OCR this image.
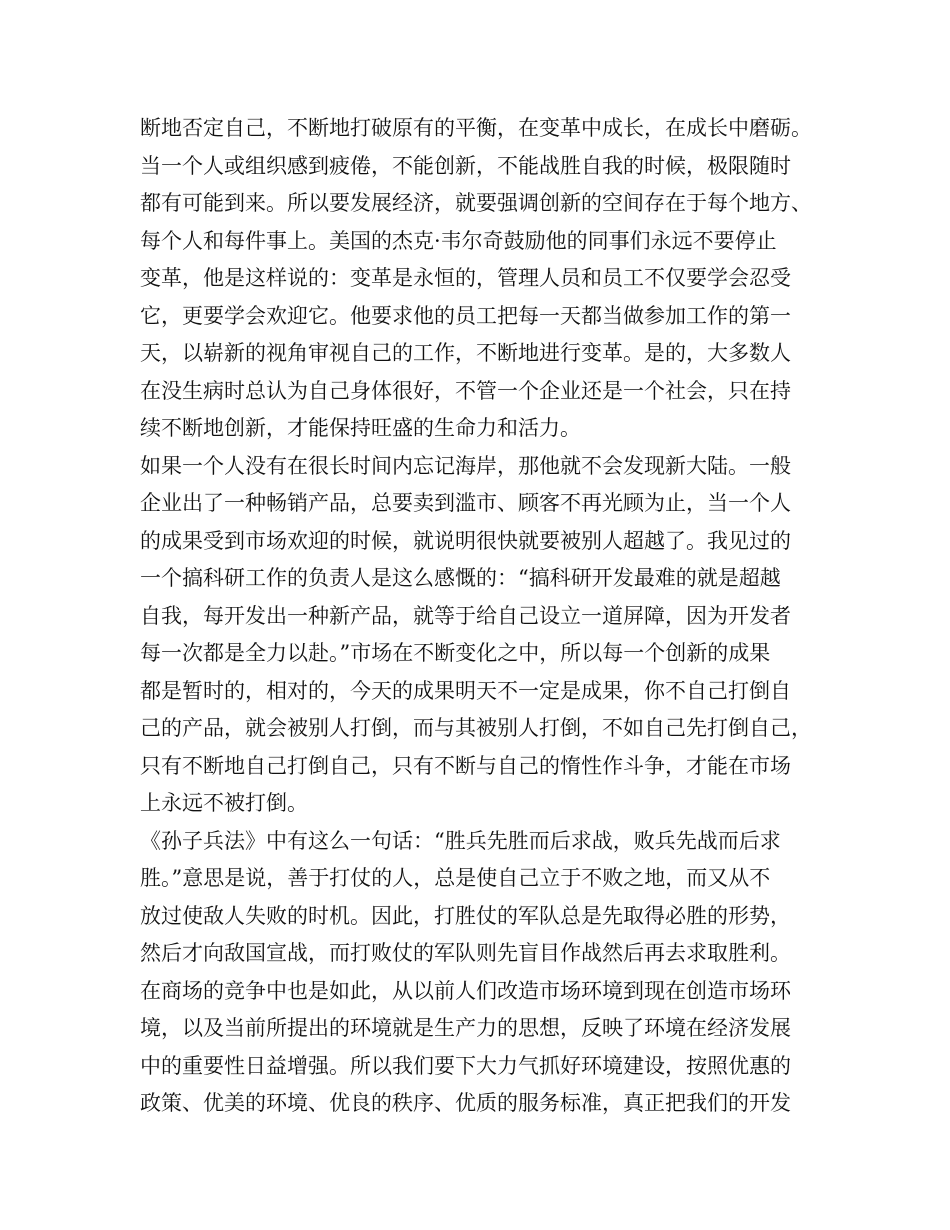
断地否定自己，不断地打破原有的平衡，在变革中成长，在成长中磨砺。
当一个人或组织感到疲倦，不能创新，不能战胜自我的时候，极限随时
都有可能到来。所以要发展经济，就要强调创新的空间存在于每个地方、
每个人和每件事上。美国的杰克·韦尔奇鼓励他的同事们永远不要停止
变革，他是这样说的：变革是永恒的，管理人员和员工不仅要学会忍受
它，更要学会欢迎它。他要求他的员工把每一天都当做参加工作的第一
天，以崭新的视角审视自己的工作，不断地进行变革。是的，大多数人
在没生病时总认为自己身体很好，不管一个企业还是一个社会，只在持
续不断地创新，才能保持旺盛的生命力和活力。
如果一个人没有在很长时间内忘记海岸，那他就不会发现新大陆。一般
企业出了一种畅销产品，总要卖到滥市、顾客不再光顾为止，当一个人
的成果受到市场欢迎的时候，就说明很快就要被别人超越了。我见过的
一个搞科研工作的负责人是这么感慨的：“搞科研开发最难的就是超越
自我，每开发出一种新产品，就等于给自己设立一道屏障，因为开发者
每一次都是全力以赴。”市场在不断变化之中，所以每一个创新的成果
都是暂时的，相对的，今天的成果明天不一定是成果，你不自己打倒自
己的产品，就会被别人打倒，而与其被别人打倒，不如自己先打倒自己，
只有不断地自己打倒自己，只有不断与自己的惰性作斗争，才能在市场
上永远不被打倒。
《孙子兵法》中有这么一句话：“胜兵先胜而后求战，败兵先战而后求
胜。”意思是说，善于打仗的人，总是使自己立于不败之地，而又从不
放过使敌人失败的时机。因此，打胜仗的军队总是先取得必胜的形势，
然后才向敌国宣战，而打败仗的军队则先盲目作战然后再去求取胜利。
在商场的竞争中也是如此，从以前人们改造市场环境到现在创造市场环
境，以及当前所提出的环境就是生产力的思想，反映了环境在经济发展
中的重要性日益增强。所以我们要下大力气抓好环境建设，按照优惠的
政策、优美的环境、优良的秩序、优质的服务标准，真正把我们的开发
